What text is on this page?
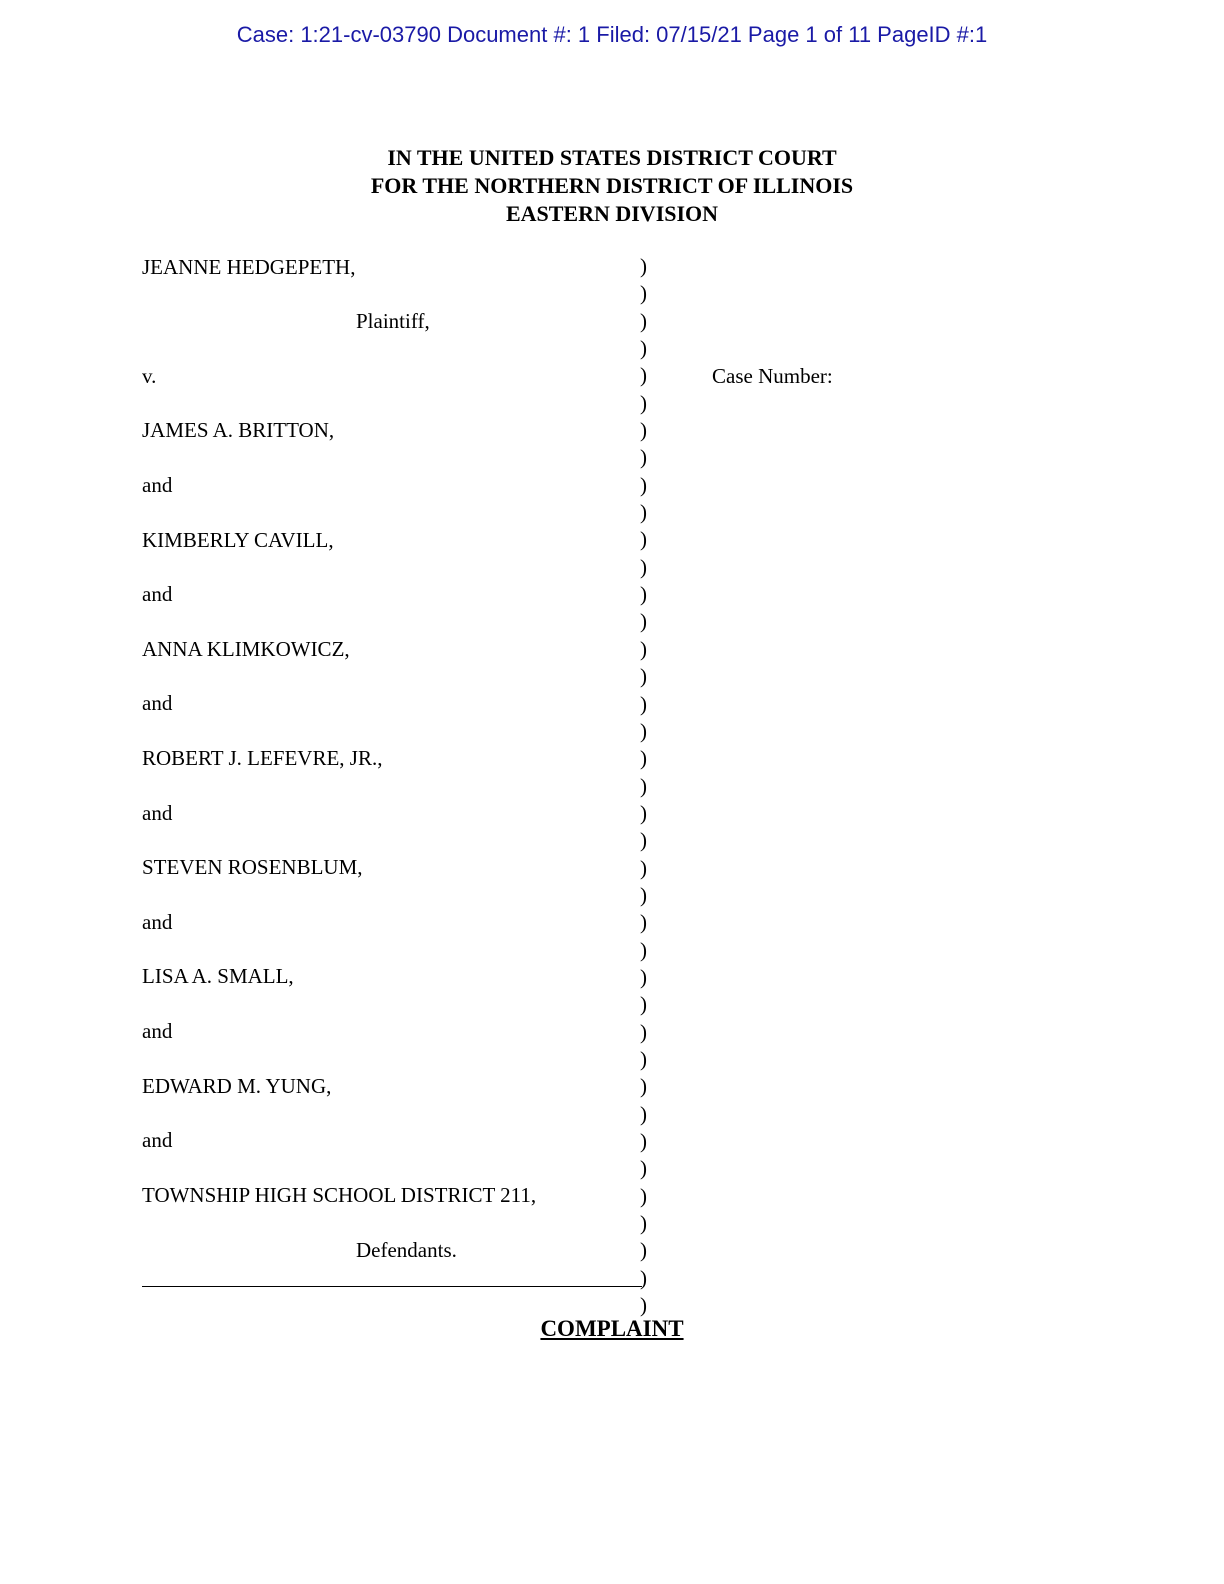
Case: 1:21-cv-03790 Document #: 1 Filed: 07/15/21 Page 1 of 11 PageID #:1
IN THE UNITED STATES DISTRICT COURT
FOR THE NORTHERN DISTRICT OF ILLINOIS
EASTERN DIVISION
JEANNE HEDGEPETH,
Plaintiff,
v.	Case Number:
JAMES A. BRITTON,
and
KIMBERLY CAVILL,
and
ANNA KLIMKOWICZ,
and
ROBERT J. LEFEVRE, JR.,
and
STEVEN ROSENBLUM,
and
LISA A. SMALL,
and
EDWARD M. YUNG,
and
TOWNSHIP HIGH SCHOOL DISTRICT 211,
Defendants.
)
)
)
)
)
)
)
)
)
)
)
)
)
)
)
)
)
)
)
)
)
)
)
)
)
)
)
)
)
)
)
)
)
)
)
)
)
)
)
COMPLAINT
